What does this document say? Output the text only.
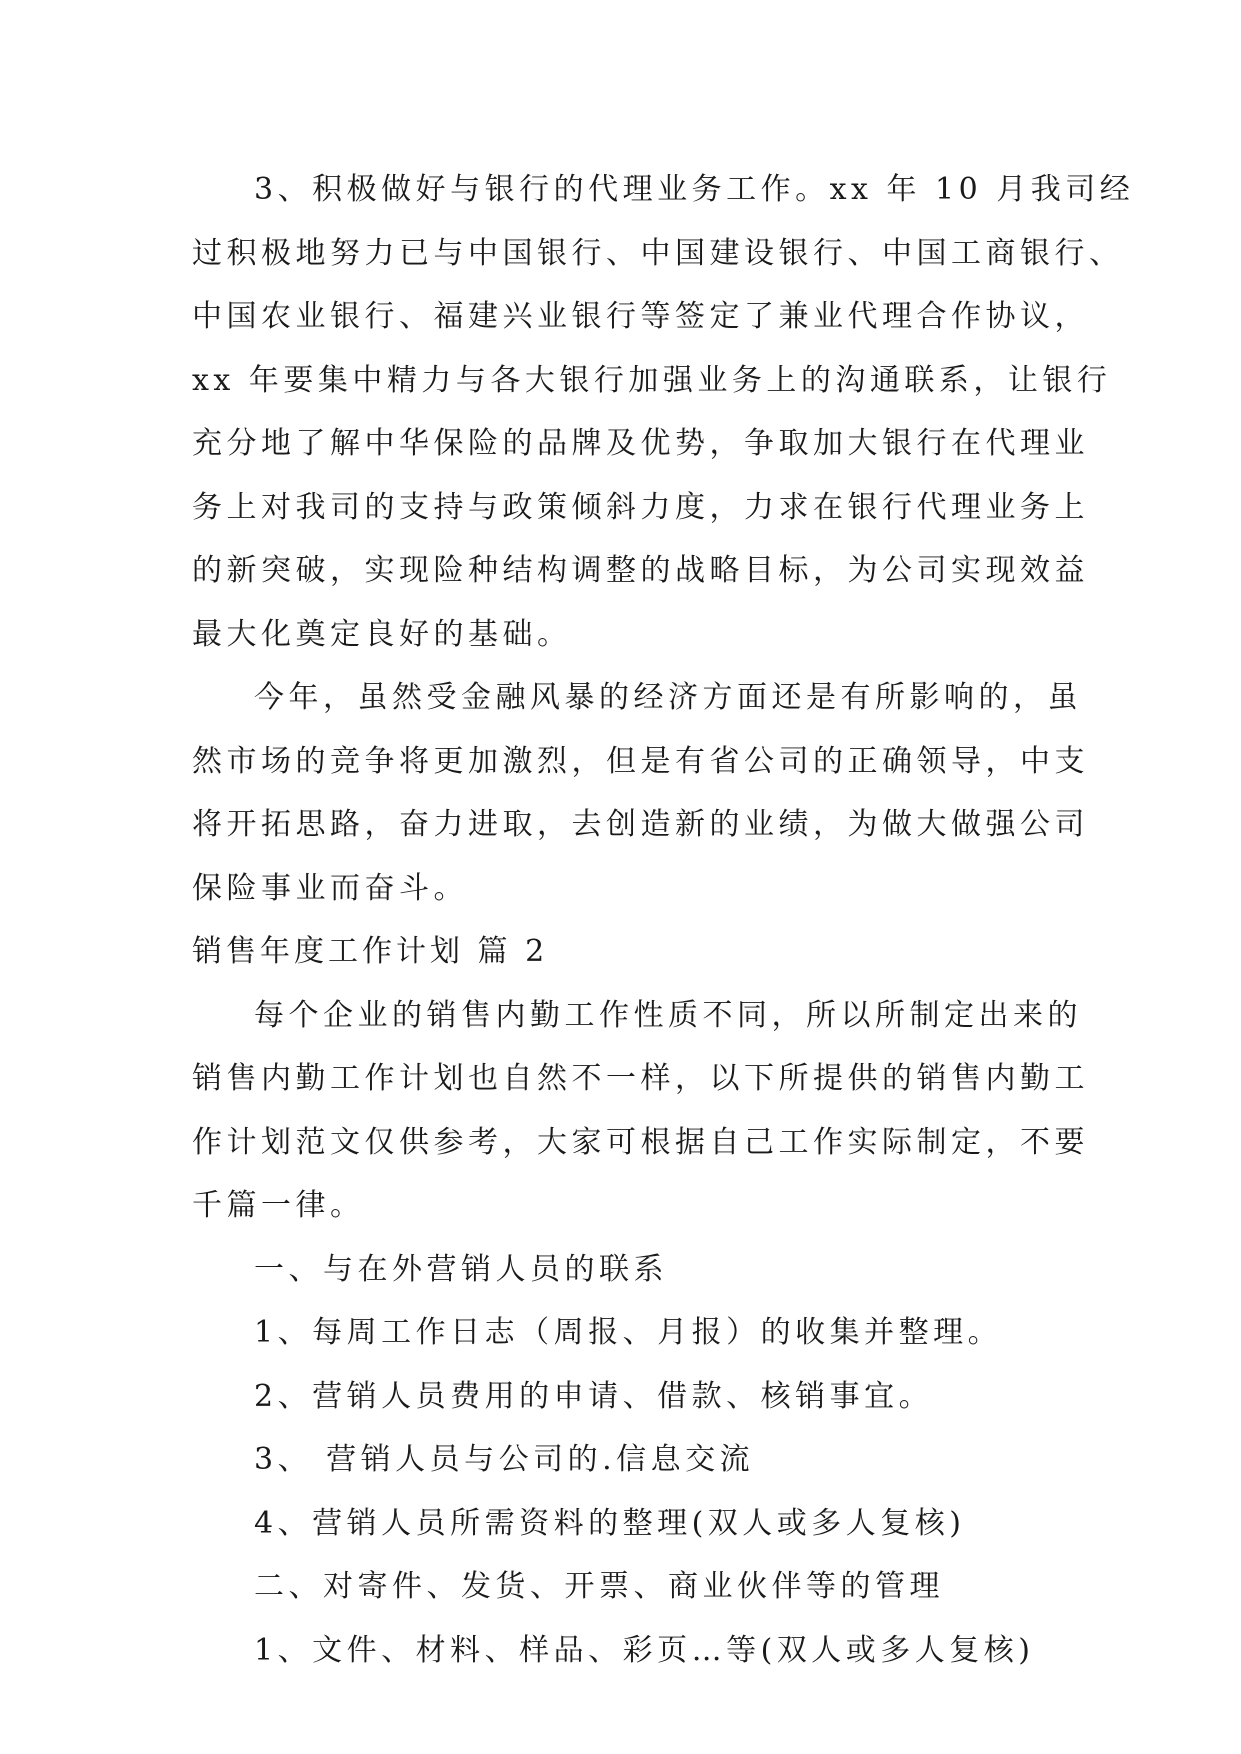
3、积极做好与银行的代理业务工作。xx 年 10 月我司经
过积极地努力已与中国银行、中国建设银行、中国工商银行、
中国农业银行、福建兴业银行等签定了兼业代理合作协议，
xx 年要集中精力与各大银行加强业务上的沟通联系，让银行
充分地了解中华保险的品牌及优势，争取加大银行在代理业
务上对我司的支持与政策倾斜力度，力求在银行代理业务上
的新突破，实现险种结构调整的战略目标，为公司实现效益
最大化奠定良好的基础。
今年，虽然受金融风暴的经济方面还是有所影响的，虽
然市场的竞争将更加激烈，但是有省公司的正确领导，中支
将开拓思路，奋力进取，去创造新的业绩，为做大做强公司
保险事业而奋斗。
销售年度工作计划 篇 2
每个企业的销售内勤工作性质不同，所以所制定出来的
销售内勤工作计划也自然不一样，以下所提供的销售内勤工
作计划范文仅供参考，大家可根据自己工作实际制定，不要
千篇一律。
一、与在外营销人员的联系
1、每周工作日志（周报、月报）的收集并整理。
2、营销人员费用的申请、借款、核销事宜。
3、 营销人员与公司的.信息交流
4、营销人员所需资料的整理(双人或多人复核)
二、对寄件、发货、开票、商业伙伴等的管理
1、文件、材料、样品、彩页…等(双人或多人复核)
